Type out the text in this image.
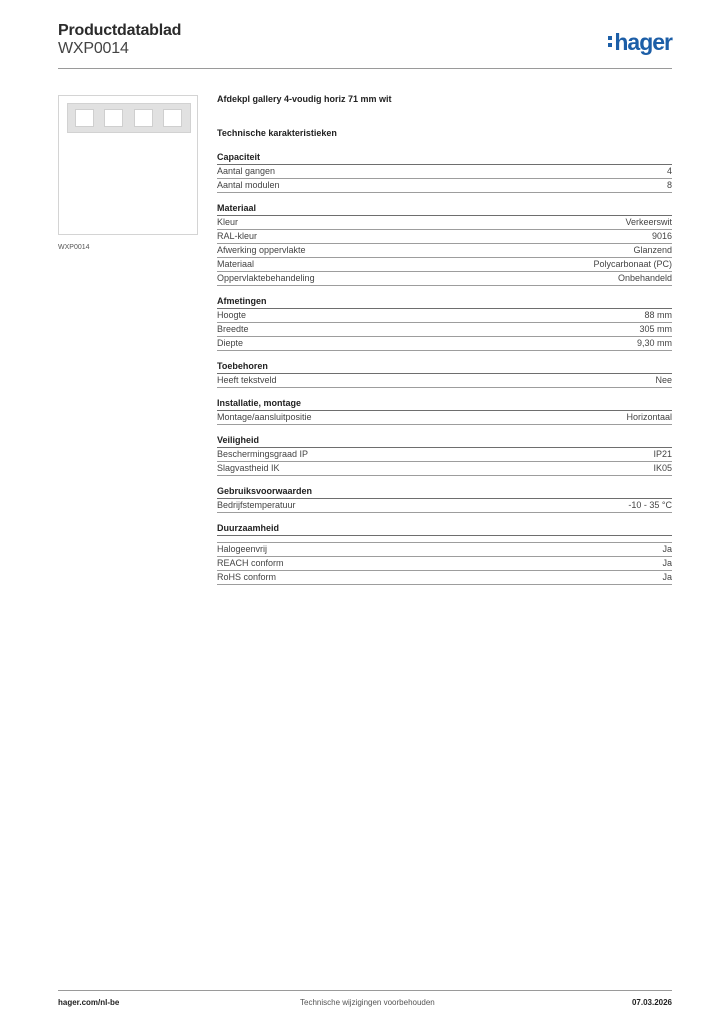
Productdatablad
WXP0014	hager
WXP0014
Afdekpl gallery 4-voudig horiz 71 mm wit
Technische karakteristieken
Capaciteit
Aantal gangen	4
Aantal modulen	8
Materiaal
Kleur	Verkeerswit
RAL-kleur	9016
Afwerking oppervlakte	Glanzend
Materiaal	Polycarbonaat (PC)
Oppervlaktebehandeling	Onbehandeld
Afmetingen
Hoogte	88 mm
Breedte	305 mm
Diepte	9,30 mm
Toebehoren
Heeft tekstveld	Nee
Installatie, montage
Montage/aansluitpositie	Horizontaal
Veiligheid
Beschermingsgraad IP	IP21
Slagvastheid IK	IK05
Gebruiksvoorwaarden
Bedrijfstemperatuur	-10 - 35 °C
Duurzaamheid
Halogeenvrij	Ja
REACH conform	Ja
RoHS conform	Ja
hager.com/nl-be	Technische wijzigingen voorbehouden	07.03.2026
